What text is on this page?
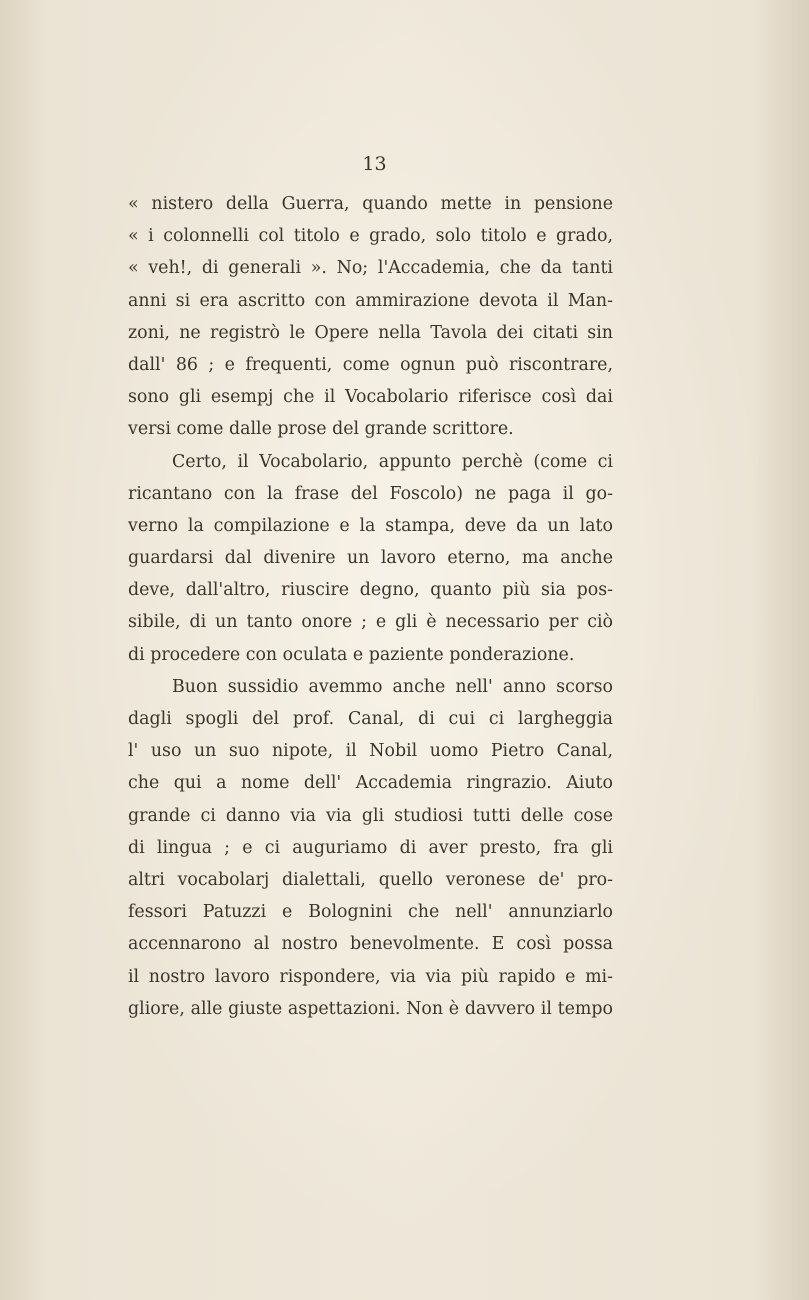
13
« nistero della Guerra, quando mette in pensione
« i colonnelli col titolo e grado, solo titolo e grado,
« veh!, di generali ». No; l'Accademia, che da tanti
anni si era ascritto con ammirazione devota il Man-
zoni, ne registrò le Opere nella Tavola dei citati sin
dall' 86 ; e frequenti, come ognun può riscontrare,
sono gli esempj che il Vocabolario riferisce così dai
versi come dalle prose del grande scrittore.
Certo, il Vocabolario, appunto perchè (come ci
ricantano con la frase del Foscolo) ne paga il go-
verno la compilazione e la stampa, deve da un lato
guardarsi dal divenire un lavoro eterno, ma anche
deve, dall'altro, riuscire degno, quanto più sia pos-
sibile, di un tanto onore ; e gli è necessario per ciò
di procedere con oculata e paziente ponderazione.
Buon sussidio avemmo anche nell' anno scorso
dagli spogli del prof. Canal, di cui ci largheggia
l' uso un suo nipote, il Nobil uomo Pietro Canal,
che qui a nome dell' Accademia ringrazio. Aiuto
grande ci danno via via gli studiosi tutti delle cose
di lingua ; e ci auguriamo di aver presto, fra gli
altri vocabolarj dialettali, quello veronese de' pro-
fessori Patuzzi e Bolognini che nell' annunziarlo
accennarono al nostro benevolmente. E così possa
il nostro lavoro rispondere, via via più rapido e mi-
gliore, alle giuste aspettazioni. Non è davvero il tempo
